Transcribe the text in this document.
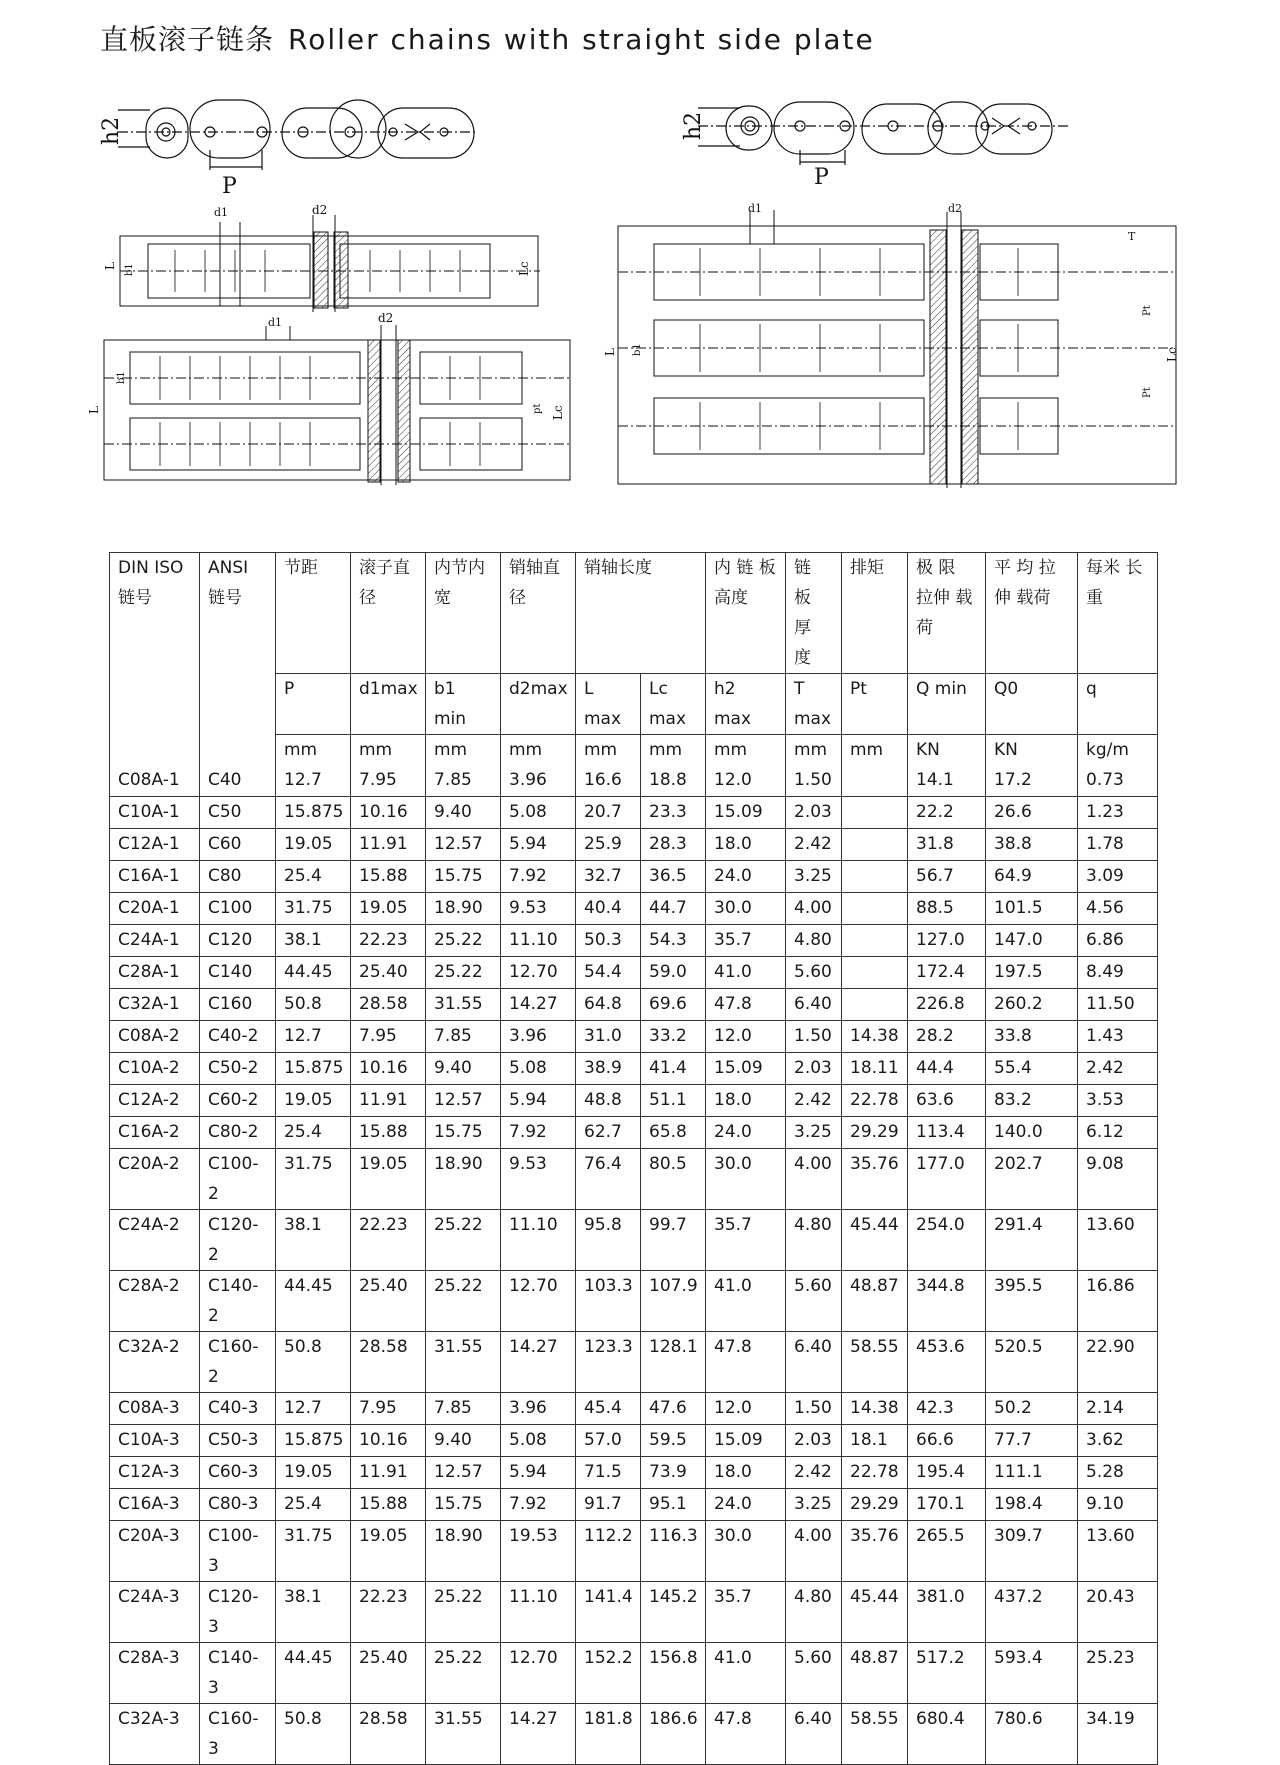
直板滚子链条 Roller chains with straight side plate
h2
P
h2
P
d1	d2
L b1	Lc
d1	d2
L
b1
pt Lc
d1	d2
T
L b1
Pt
Pt
Lc
DIN ISO 链号	ANSI 链号	节距	滚子直径	内节内宽	销轴直径	销轴长度		内 链 板 高度	链 板 厚 度	排矩	极 限 拉伸 载荷	平 均 拉 伸 载荷	每米 长重
		P	d1max	b1 min	d2max	L max	Lc max	h2 max	T max	Pt	Q min	Q0	q
		mm	mm	mm	mm	mm	mm	mm	mm	mm	KN	KN	kg/m
C08A-1	C40	12.7	7.95	7.85	3.96	16.6	18.8	12.0	1.50		14.1	17.2	0.73
C10A-1	C50	15.875	10.16	9.40	5.08	20.7	23.3	15.09	2.03		22.2	26.6	1.23
C12A-1	C60	19.05	11.91	12.57	5.94	25.9	28.3	18.0	2.42		31.8	38.8	1.78
C16A-1	C80	25.4	15.88	15.75	7.92	32.7	36.5	24.0	3.25		56.7	64.9	3.09
C20A-1	C100	31.75	19.05	18.90	9.53	40.4	44.7	30.0	4.00		88.5	101.5	4.56
C24A-1	C120	38.1	22.23	25.22	11.10	50.3	54.3	35.7	4.80		127.0	147.0	6.86
C28A-1	C140	44.45	25.40	25.22	12.70	54.4	59.0	41.0	5.60		172.4	197.5	8.49
C32A-1	C160	50.8	28.58	31.55	14.27	64.8	69.6	47.8	6.40		226.8	260.2	11.50
C08A-2	C40-2	12.7	7.95	7.85	3.96	31.0	33.2	12.0	1.50	14.38	28.2	33.8	1.43
C10A-2	C50-2	15.875	10.16	9.40	5.08	38.9	41.4	15.09	2.03	18.11	44.4	55.4	2.42
C12A-2	C60-2	19.05	11.91	12.57	5.94	48.8	51.1	18.0	2.42	22.78	63.6	83.2	3.53
C16A-2	C80-2	25.4	15.88	15.75	7.92	62.7	65.8	24.0	3.25	29.29	113.4	140.0	6.12
C20A-2	C100-2	31.75	19.05	18.90	9.53	76.4	80.5	30.0	4.00	35.76	177.0	202.7	9.08
C24A-2	C120-2	38.1	22.23	25.22	11.10	95.8	99.7	35.7	4.80	45.44	254.0	291.4	13.60
C28A-2	C140-2	44.45	25.40	25.22	12.70	103.3	107.9	41.0	5.60	48.87	344.8	395.5	16.86
C32A-2	C160-2	50.8	28.58	31.55	14.27	123.3	128.1	47.8	6.40	58.55	453.6	520.5	22.90
C08A-3	C40-3	12.7	7.95	7.85	3.96	45.4	47.6	12.0	1.50	14.38	42.3	50.2	2.14
C10A-3	C50-3	15.875	10.16	9.40	5.08	57.0	59.5	15.09	2.03	18.1	66.6	77.7	3.62
C12A-3	C60-3	19.05	11.91	12.57	5.94	71.5	73.9	18.0	2.42	22.78	195.4	111.1	5.28
C16A-3	C80-3	25.4	15.88	15.75	7.92	91.7	95.1	24.0	3.25	29.29	170.1	198.4	9.10
C20A-3	C100-3	31.75	19.05	18.90	19.53	112.2	116.3	30.0	4.00	35.76	265.5	309.7	13.60
C24A-3	C120-3	38.1	22.23	25.22	11.10	141.4	145.2	35.7	4.80	45.44	381.0	437.2	20.43
C28A-3	C140-3	44.45	25.40	25.22	12.70	152.2	156.8	41.0	5.60	48.87	517.2	593.4	25.23
C32A-3	C160-3	50.8	28.58	31.55	14.27	181.8	186.6	47.8	6.40	58.55	680.4	780.6	34.19
